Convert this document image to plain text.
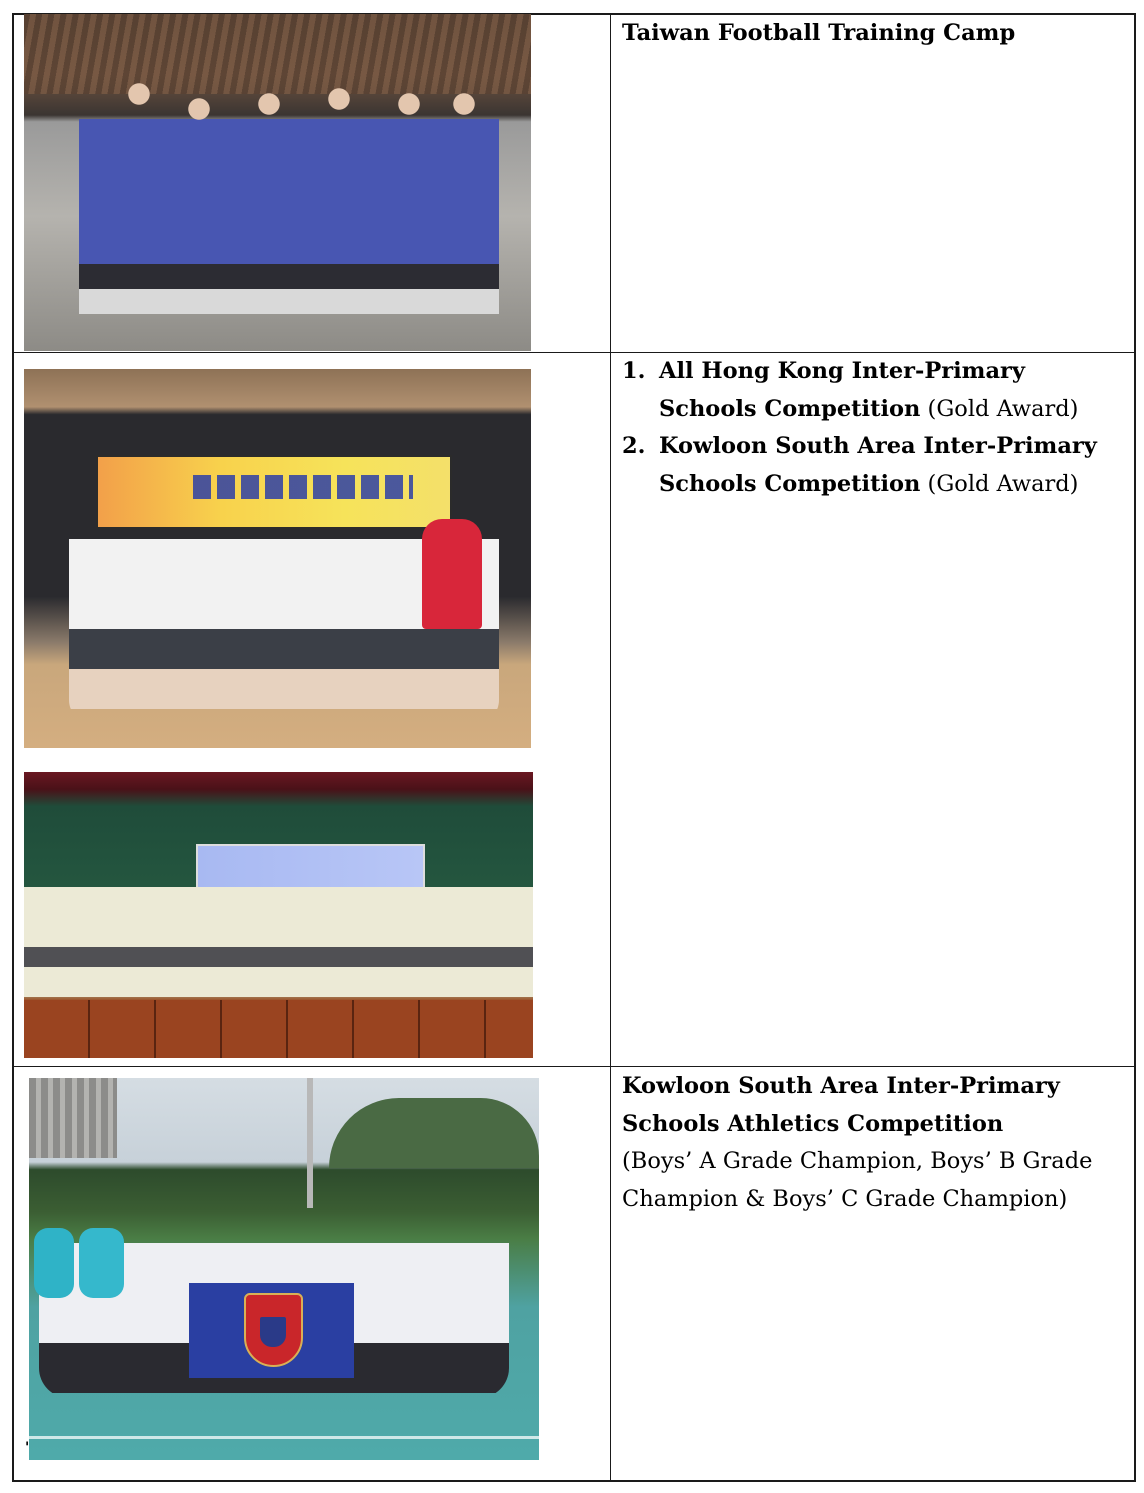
Taiwan Football Training Camp
1. All Hong Kong Inter-Primary Schools Competition (Gold Award)
2. Kowloon South Area Inter-Primary Schools Competition (Gold Award)
'
Kowloon South Area Inter-Primary Schools Athletics Competition
(Boys’ A Grade Champion, Boys’ B Grade Champion & Boys’ C Grade Champion)
